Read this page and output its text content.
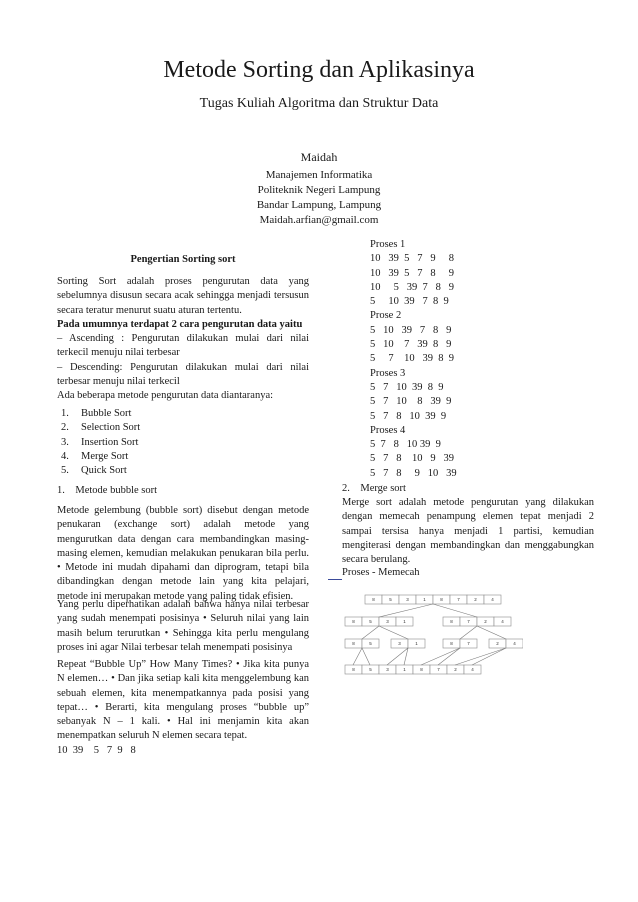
Metode Sorting dan Aplikasinya
Tugas Kuliah Algoritma dan Struktur Data
Maidah
Manajemen Informatika
Politeknik Negeri Lampung
Bandar Lampung, Lampung
Maidah.arfian@gmail.com
Pengertian Sorting sort

Sorting Sort adalah proses pengurutan data yang sebelumnya disusun secara acak sehingga menjadi tersusun secara teratur menurut suatu aturan tertentu.

Pada umumnya terdapat 2 cara pengurutan data yaitu

– Ascending : Pengurutan dilakukan mulai dari nilai terkecil menuju nilai terbesar

– Descending: Pengurutan dilakukan mulai dari nilai terbesar menuju nilai terkecil

Ada beberapa metode pengurutan data diantaranya:

1. Bubble Sort
2. Selection Sort
3. Insertion Sort
4. Merge Sort
5. Quick Sort
1.    Metode bubble sort
Metode gelembung (bubble sort) disebut dengan metode penukaran (exchange sort) adalah metode yang mengurutkan data dengan cara membandingkan masing-masing elemen, kemudian melakukan penukaran bila perlu. • Metode ini mudah dipahami dan diprogram, tetapi bila dibandingkan dengan metode lain yang kita pelajari, metode ini merupakan metode yang paling tidak efisien.
Yang perlu diperhatikan adalah bahwa hanya nilai terbesar yang sudah menempati posisinya • Seluruh nilai yang lain masih belum terurutkan • Sehingga kita perlu mengulang proses ini agar Nilai terbesar telah menempati posisinya
Repeat “Bubble Up” How Many Times? • Jika kita punya N elemen… • Dan jika setiap kali kita menggelembung kan sebuah elemen, kita menempatkannya pada posisi yang tepat… • Berarti, kita mengulang proses “bubble up” sebanyak N – 1 kali. • Hal ini menjamin kita akan menempatkan seluruh N elemen secara tepat.
10  39    5   7  9   8
Proses 1
10   39  5   7   9     8
10   39  5   7   8     9
10     5   39  7   8   9
5     10  39   7  8  9
Prose 2
5   10   39   7   8   9
5   10    7   39  8   9
5     7    10   39  8  9
Proses 3
5   7   10  39  8  9
5   7   10    8   39  9
5   7   8   10  39  9
Proses 4
5  7   8   10 39  9
5   7   8    10   9   39
5   7   8     9   10   39
2.    Merge sort
Merge sort adalah metode pengurutan yang dilakukan dengan memecah penampung elemen tepat menjadi 2 sampai tersisa hanya menjadi 1 partisi, kemudian mengiterasi dengan membandingkan dan menggabungkan secara berulang.
Proses - Memecah
8	5	3	1	8	7	2	4
8	5	3	1	8	7	2	4
8	5	3	1	8	7	2	4
8	5	3	1	8	7	2	4
